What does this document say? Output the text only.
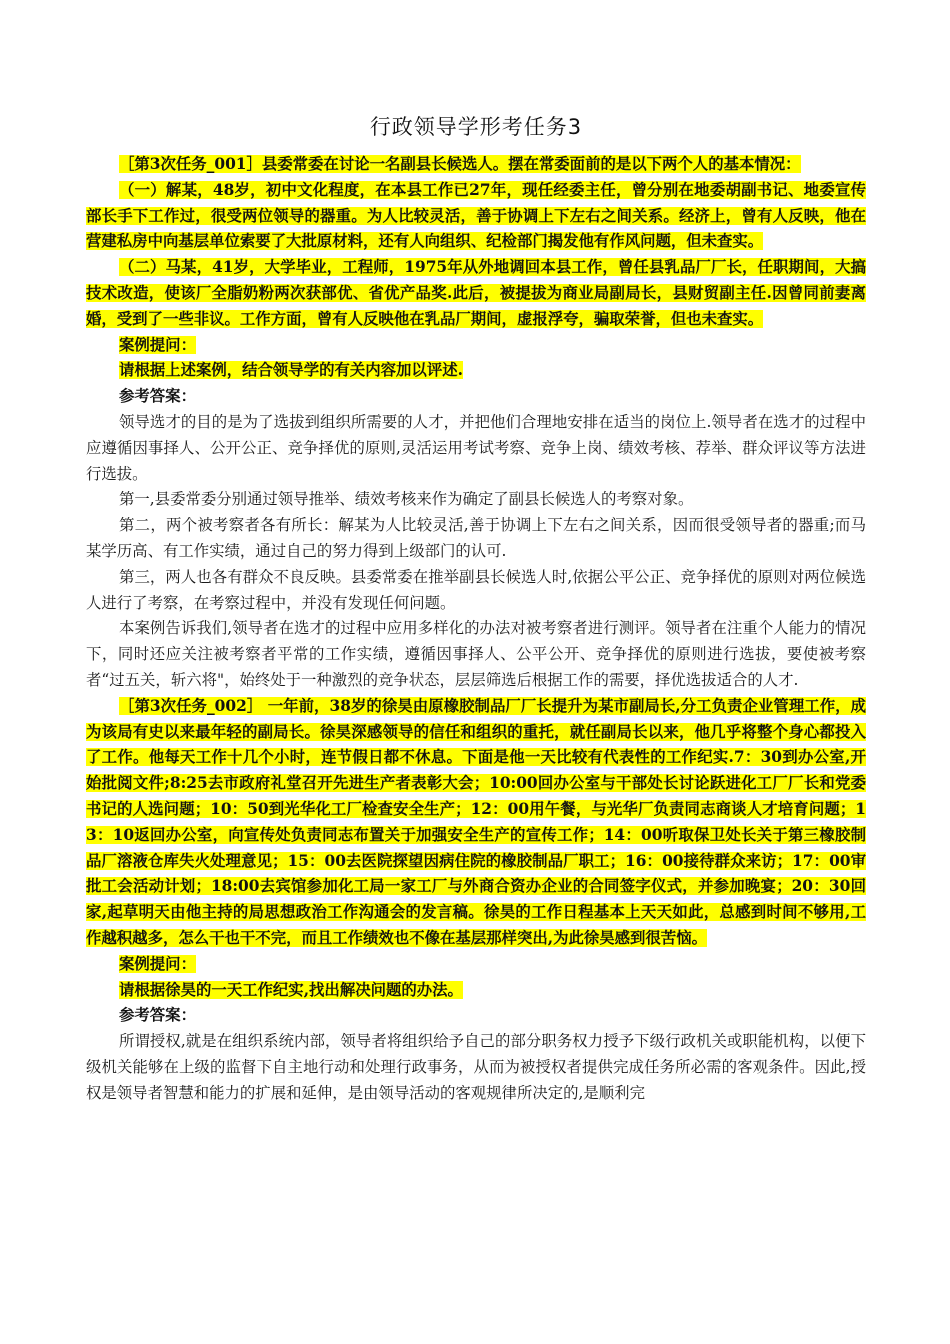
行政领导学形考任务3

［第3次任务_001］县委常委在讨论一名副县长候选人。摆在常委面前的是以下两个人的基本情况：

（一）解某，48岁，初中文化程度，在本县工作已27年，现任经委主任，曾分别在地委胡副书记、地委宣传部长手下工作过，很受两位领导的器重。为人比较灵活，善于协调上下左右之间关系。经济上，曾有人反映，他在营建私房中向基层单位索要了大批原材料，还有人向组织、纪检部门揭发他有作风问题，但未查实。

（二）马某，41岁，大学毕业，工程师，1975年从外地调回本县工作，曾任县乳品厂厂长，任职期间，大搞技术改造，使该厂全脂奶粉两次获部优、省优产品奖.此后，被提拔为商业局副局长，县财贸副主任.因曾同前妻离婚，受到了一些非议。工作方面，曾有人反映他在乳品厂期间，虚报浮夸，骗取荣誉，但也未查实。

案例提问：

请根据上述案例，结合领导学的有关内容加以评述.

参考答案：

领导选才的目的是为了选拔到组织所需要的人才，并把他们合理地安排在适当的岗位上.领导者在选才的过程中应遵循因事择人、公开公正、竞争择优的原则,灵活运用考试考察、竞争上岗、绩效考核、荐举、群众评议等方法进行选拔。

第一,县委常委分别通过领导推举、绩效考核来作为确定了副县长候选人的考察对象。

第二，两个被考察者各有所长：解某为人比较灵活,善于协调上下左右之间关系，因而很受领导者的器重;而马某学历高、有工作实绩，通过自己的努力得到上级部门的认可.

第三，两人也各有群众不良反映。县委常委在推举副县长候选人时,依据公平公正、竞争择优的原则对两位候选人进行了考察，在考察过程中，并没有发现任何问题。

本案例告诉我们,领导者在选才的过程中应用多样化的办法对被考察者进行测评。领导者在注重个人能力的情况下，同时还应关注被考察者平常的工作实绩，遵循因事择人、公平公开、竞争择优的原则进行选拔，要使被考察者“过五关，斩六将"，始终处于一种激烈的竞争状态，层层筛选后根据工作的需要，择优选拔适合的人才.

［第3次任务_002］ 一年前，38岁的徐昊由原橡胶制品厂厂长提升为某市副局长,分工负责企业管理工作，成为该局有史以来最年轻的副局长。徐昊深感领导的信任和组织的重托，就任副局长以来，他几乎将整个身心都投入了工作。他每天工作十几个小时，连节假日都不休息。下面是他一天比较有代表性的工作纪实.7：30到办公室,开始批阅文件;8:25去市政府礼堂召开先进生产者表彰大会；10:00回办公室与干部处长讨论跃进化工厂厂长和党委书记的人选问题；10：50到光华化工厂检查安全生产；12：00用午餐，与光华厂负责同志商谈人才培育问题；13：10返回办公室，向宣传处负责同志布置关于加强安全生产的宣传工作；14：00听取保卫处长关于第三橡胶制品厂溶液仓库失火处理意见；15：00去医院探望因病住院的橡胶制品厂职工；16：00接待群众来访；17：00审批工会活动计划；18:00去宾馆参加化工局一家工厂与外商合资办企业的合同签字仪式，并参加晚宴；20：30回家,起草明天由他主持的局思想政治工作沟通会的发言稿。徐昊的工作日程基本上天天如此，总感到时间不够用,工作越积越多，怎么干也干不完，而且工作绩效也不像在基层那样突出,为此徐昊感到很苦恼。

案例提问：

请根据徐昊的一天工作纪实,找出解决问题的办法。

参考答案：

所谓授权,就是在组织系统内部，领导者将组织给予自己的部分职务权力授予下级行政机关或职能机构，以便下级机关能够在上级的监督下自主地行动和处理行政事务，从而为被授权者提供完成任务所必需的客观条件。因此,授权是领导者智慧和能力的扩展和延伸，是由领导活动的客观规律所决定的,是顺利完
